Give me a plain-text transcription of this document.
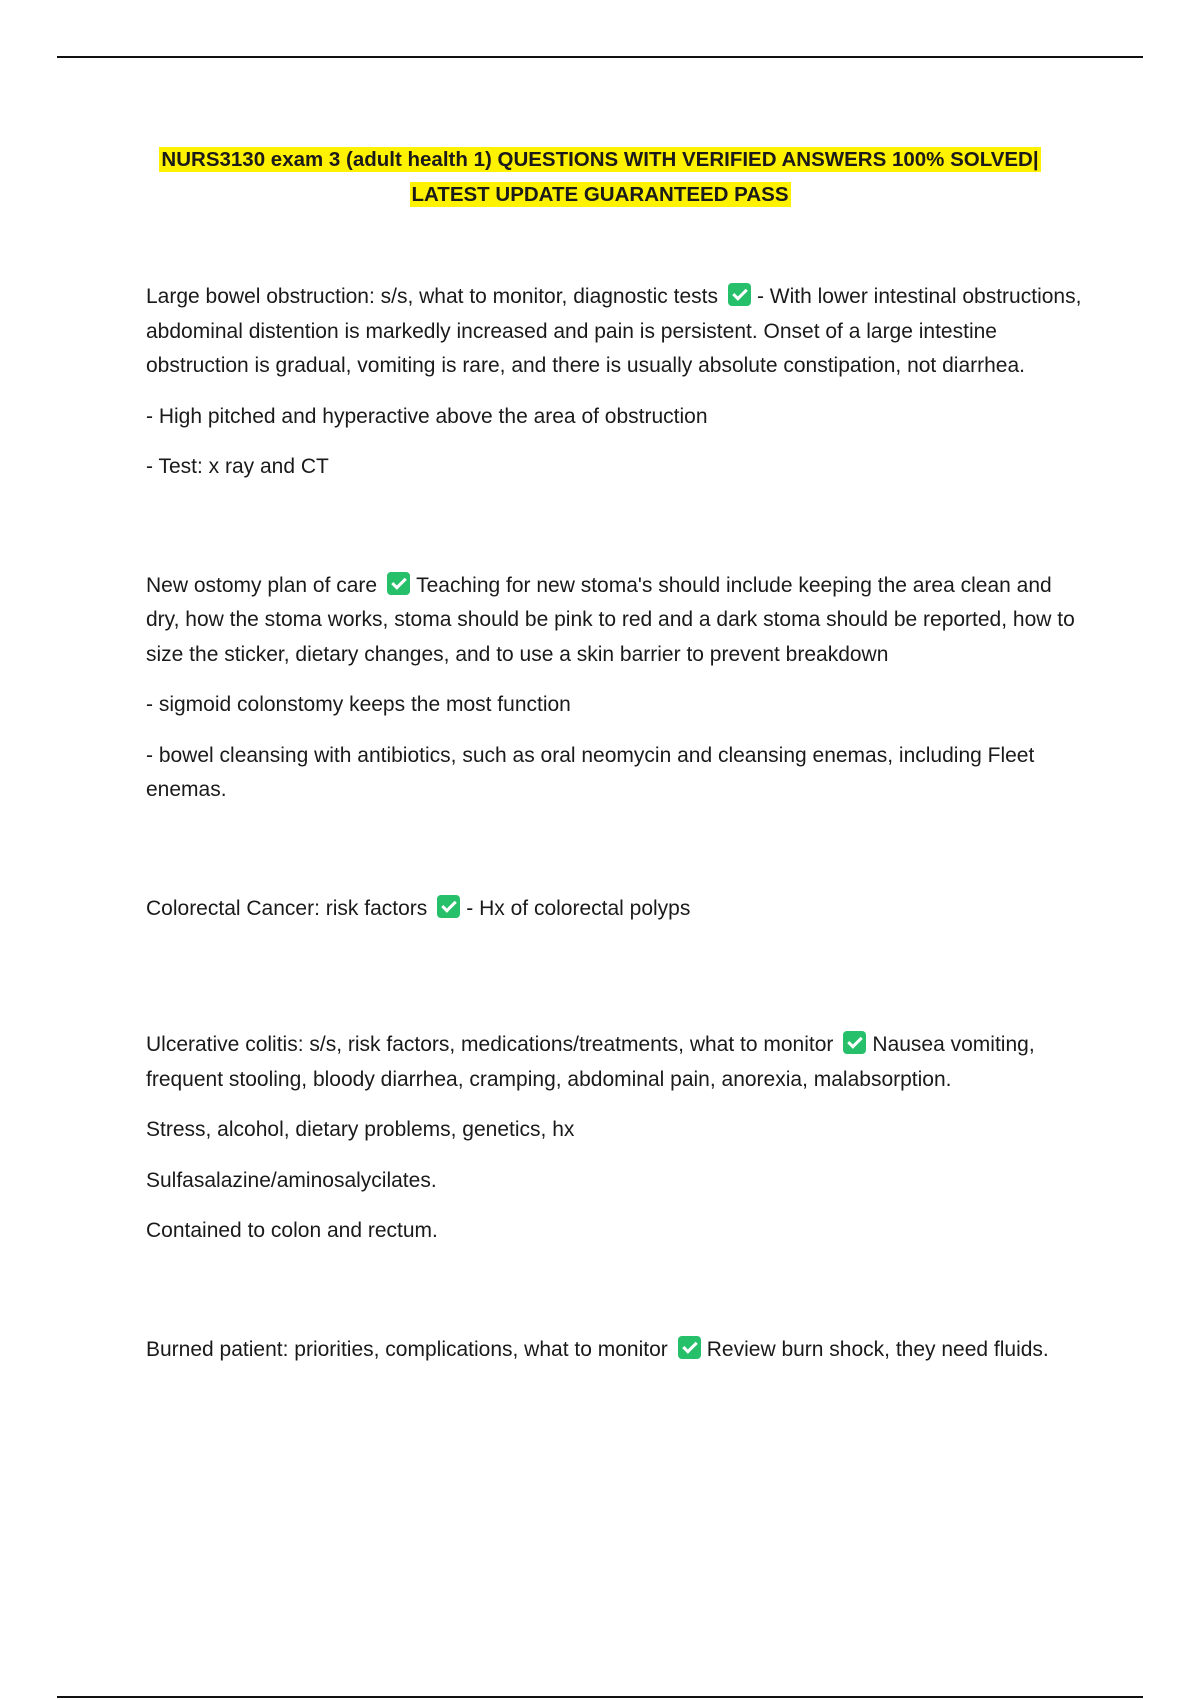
NURS3130 exam 3 (adult health 1) QUESTIONS WITH VERIFIED ANSWERS 100% SOLVED|
LATEST UPDATE GUARANTEED PASS

Large bowel obstruction: s/s, what to monitor, diagnostic tests - With lower intestinal obstructions, abdominal distention is markedly increased and pain is persistent. Onset of a large intestine obstruction is gradual, vomiting is rare, and there is usually absolute constipation, not diarrhea.

- High pitched and hyperactive above the area of obstruction

- Test: x ray and CT

New ostomy plan of care Teaching for new stoma's should include keeping the area clean and dry, how the stoma works, stoma should be pink to red and a dark stoma should be reported, how to size the sticker, dietary changes, and to use a skin barrier to prevent breakdown

- sigmoid colonstomy keeps the most function

- bowel cleansing with antibiotics, such as oral neomycin and cleansing enemas, including Fleet enemas.

Colorectal Cancer: risk factors - Hx of colorectal polyps

Ulcerative colitis: s/s, risk factors, medications/treatments, what to monitor Nausea vomiting, frequent stooling, bloody diarrhea, cramping, abdominal pain, anorexia, malabsorption.

Stress, alcohol, dietary problems, genetics, hx

Sulfasalazine/aminosalycilates.

Contained to colon and rectum.

Burned patient: priorities, complications, what to monitor Review burn shock, they need fluids.
